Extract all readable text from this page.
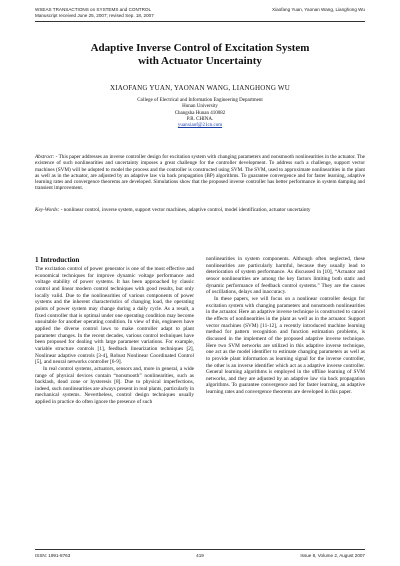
WSEAS TRANSACTIONS on SYSTEMS and CONTROL	Xiaofang Yuan, Yaonan Wang, Lianghong Wu
Manuscript received June 25, 2007; revised Sep. 18, 2007
Adaptive Inverse Control of Excitation System
with Actuator Uncertainty
XIAOFANG YUAN, YAONAN WANG, LIANGHONG WU
College of Electrical and Information Engineering Department
Hunan University
Changsha Hunan 410082
P.R. CHINA.
yuanxiaof@21cn.com
Abstract: - This paper addresses an inverse controller design for excitation system with changing parameters and nonsmooth nonlinearities in the actuator. The existence of such nonlinearities and uncertainty imposes a great challenge for the controller development. To address such a challenge, support vector machines (SVM) will be adopted to model the process and the controller is constructed using SVM. The SVM, used to approximate nonlinearities in the plant as well as in the actuator, are adjusted by an adaptive law via back propagation (BP) algorithms. To guarantee convergence and for faster learning, adaptive learning rates and convergence theorems are developed. Simulations show that the proposed inverse controller has better performance in system damping and transient improvement.
Key-Words: - nonlinear control, inverse system, support vector machines, adaptive control, model identification, actuator uncertainty
1 Introduction

The excitation control of power generator is one of the most effective and economical techniques for improve dynamic voltage performance and voltage stability of power systems. It has been approached by classic control and linear modern control techniques with good results, but only locally valid. Due to the nonlinearities of various components of power systems and the inherent characteristics of changing load, the operating points of power system may change during a daily cycle. As a result, a fixed controller that is optimal under one operating condition may become unsuitable for another operating condition. In view of this, engineers have applied the diverse control laws to make controller adapt to plant parameter changes. In the recent decades, various control techniques have been proposed for dealing with large parameter variations. For example, variable structure controls [1], feedback linearization techniques [2], Nonlinear adaptive controls [3-4], Robust Nonlinear Coordinated Control [5], and neural networks controller [6-9].

In real control systems, actuators, sensors and, more in general, a wide range of physical devices contain “nonsmooth” nonlinearities, such as backlash, dead zone or hysteresis [8]. Due to physical imperfections, indeed, such nonlinearities are always present in real plants, particularly in mechanical systems. Nevertheless, control design techniques usually applied in practice do often ignore the presence of such

nonlinearities in system components. Although often neglected, these nonlinearities are particularly harmful, because they usually lead to deterioration of system performance. As discussed in [10], “Actuator and sensor nonlinearities are among the key factors limiting both static and dynamic performance of feedback control systems.” They are the causes of oscillations, delays and inaccuracy.

In these papers, we will focus on a nonlinear controller design for excitation system with changing parameters and nonsmooth nonlinearities in the actuator. Here an adaptive inverse technique is constructed to cancel the effects of nonlinearities in the plant as well as in the actuator. Support vector machines (SVM) [11-12], a recently introduced machine learning method for pattern recognition and function estimation problems, is discussed in the implement of the proposed adaptive inverse technique. Here two SVM networks are utilized in this adaptive inverse technique, one act as the model identifier to estimate changing parameters as well as to provide plant information as learning signal for the inverse controller, the other is an inverse identifier which act as a adaptive inverse controller. General learning algorithms is employed in the offline learning of SVM networks, and they are adjusted by an adaptive law via back propagation algorithms. To guarantee convergence and for faster learning, an adaptive learning rates and convergence theorems are developed in this paper.

ISSN: 1991-8763	419	Issue 8, Volume 2, August 2007
